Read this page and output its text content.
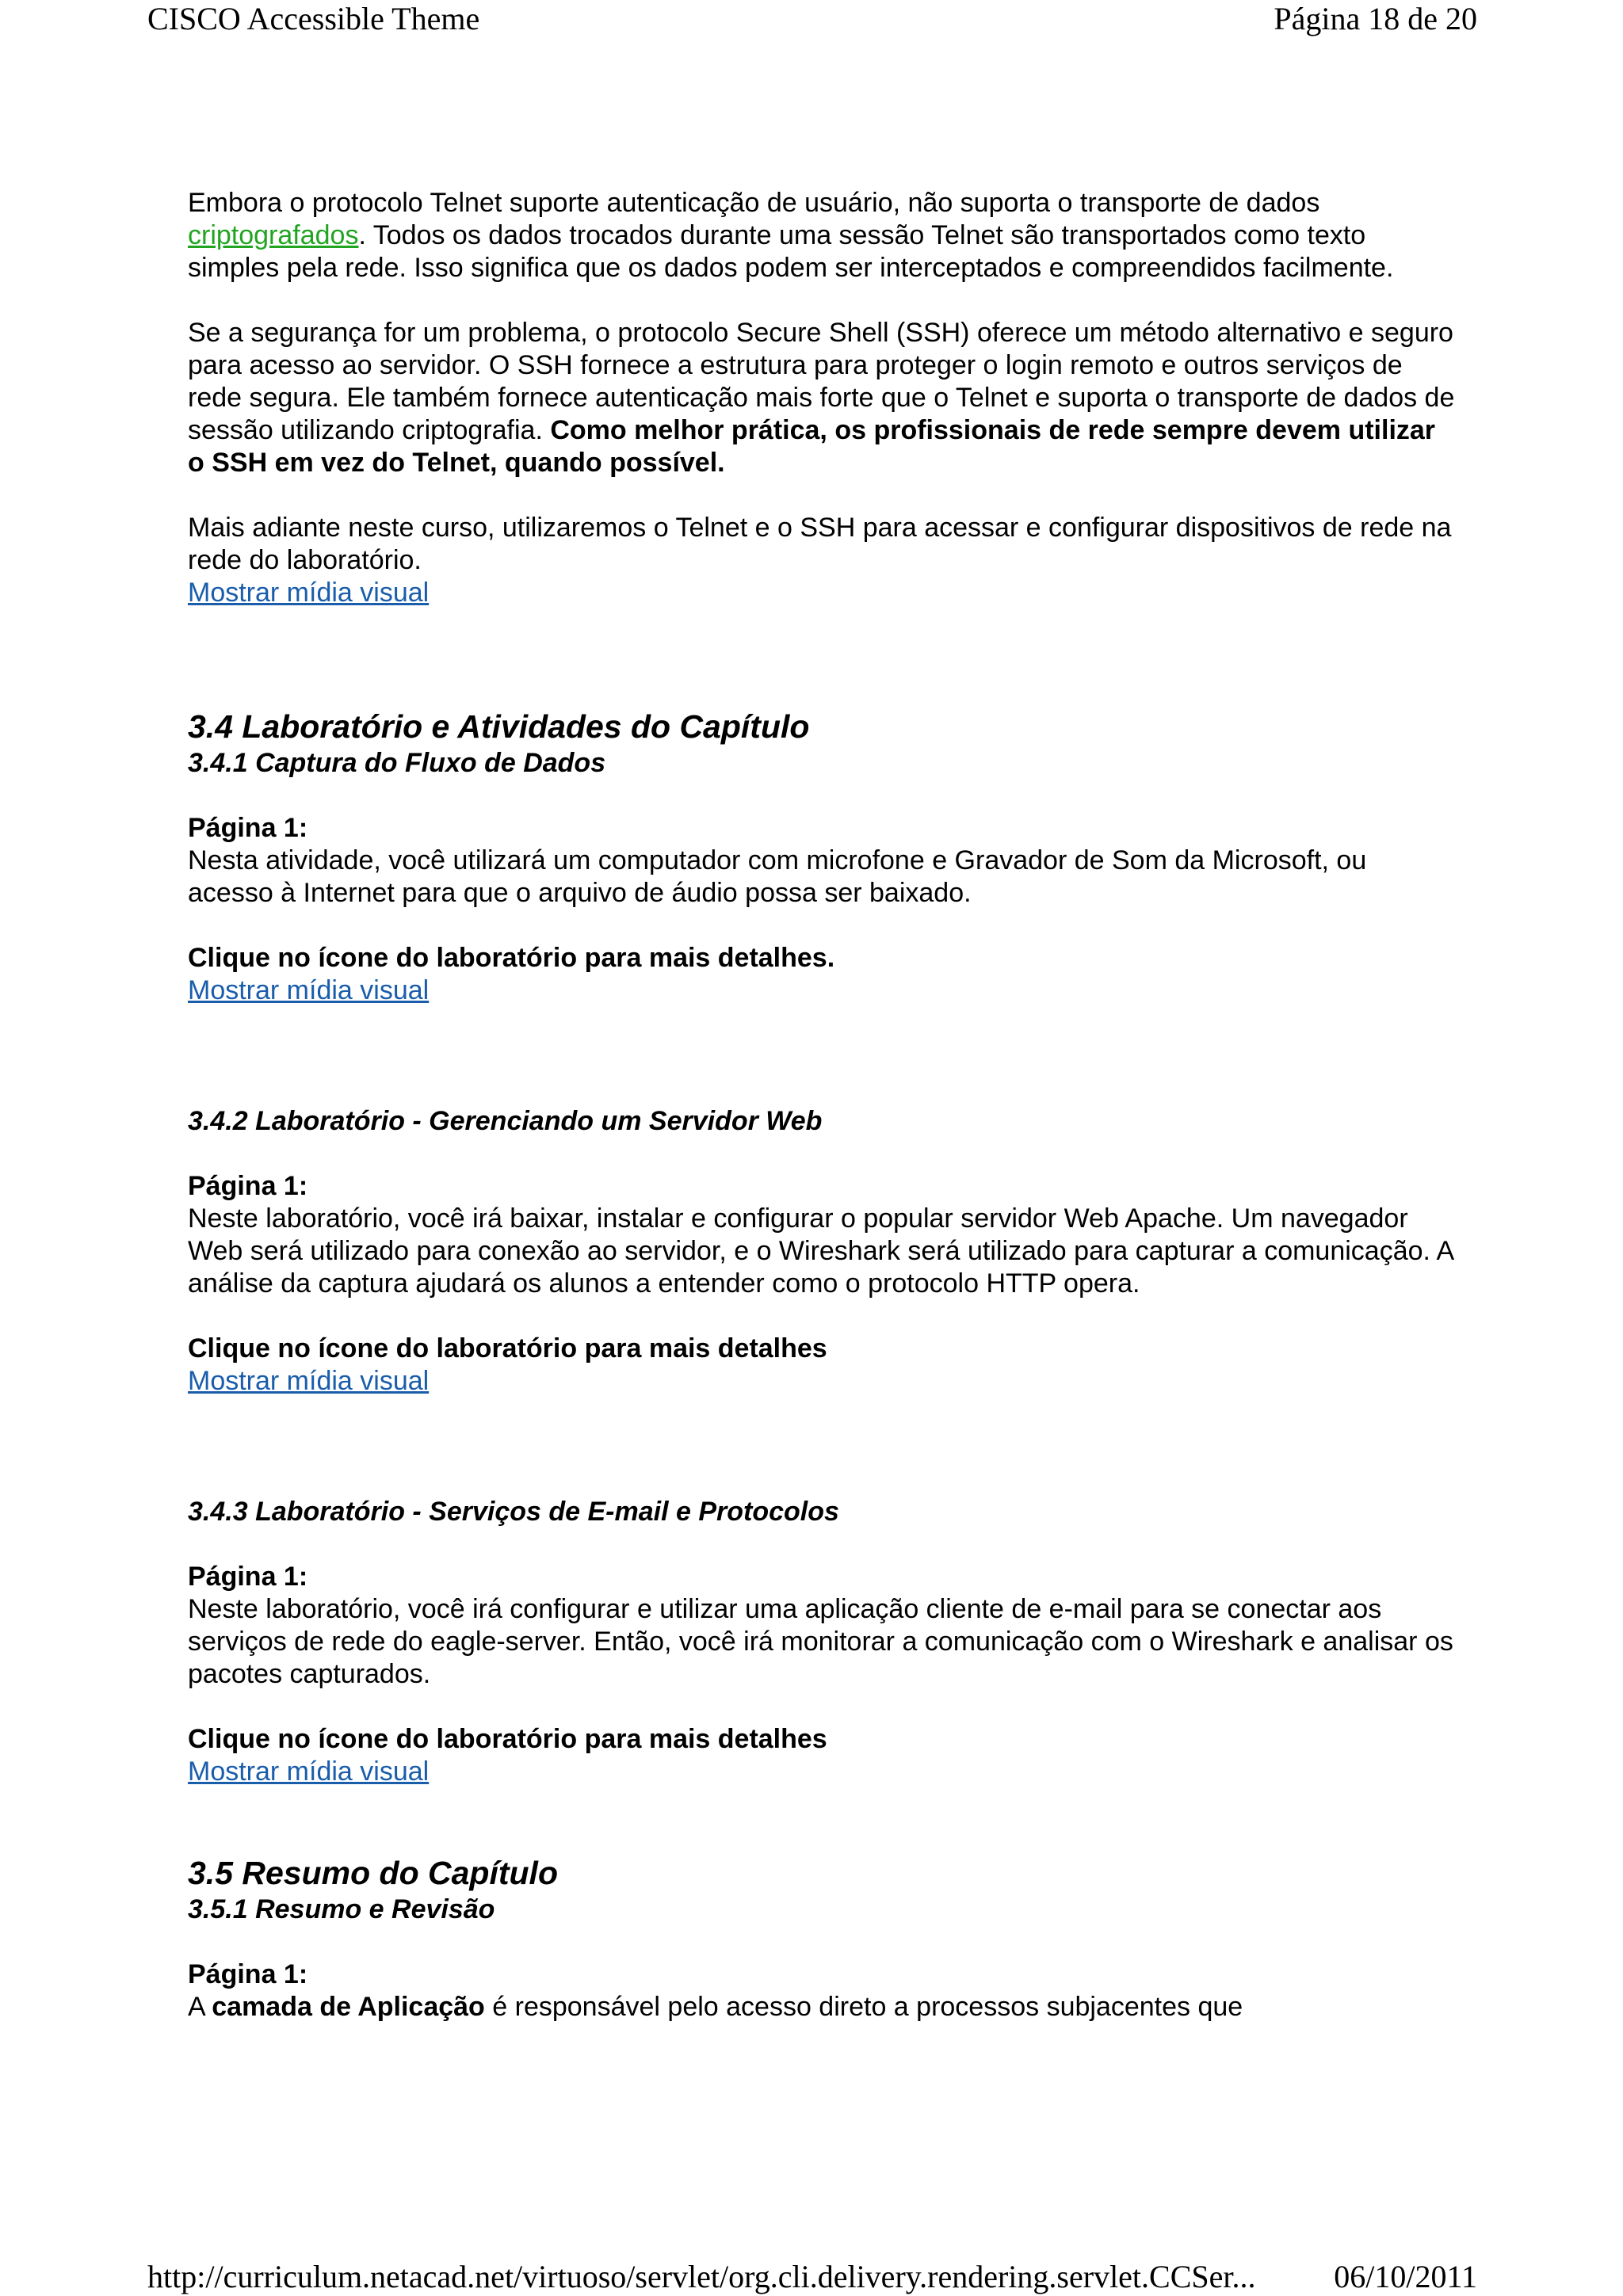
CISCO Accessible Theme	Página 18 de 20

Embora o protocolo Telnet suporte autenticação de usuário, não suporta o transporte de dados criptografados. Todos os dados trocados durante uma sessão Telnet são transportados como texto simples pela rede. Isso significa que os dados podem ser interceptados e compreendidos facilmente.

Se a segurança for um problema, o protocolo Secure Shell (SSH) oferece um método alternativo e seguro para acesso ao servidor. O SSH fornece a estrutura para proteger o login remoto e outros serviços de rede segura. Ele também fornece autenticação mais forte que o Telnet e suporta o transporte de dados de sessão utilizando criptografia. Como melhor prática, os profissionais de rede sempre devem utilizar o SSH em vez do Telnet, quando possível.

Mais adiante neste curso, utilizaremos o Telnet e o SSH para acessar e configurar dispositivos de rede na rede do laboratório.

Mostrar mídia visual
3.4 Laboratório e Atividades do Capítulo
3.4.1 Captura do Fluxo de Dados

Página 1:

Nesta atividade, você utilizará um computador com microfone e Gravador de Som da Microsoft, ou acesso à Internet para que o arquivo de áudio possa ser baixado.

Clique no ícone do laboratório para mais detalhes.

Mostrar mídia visual
3.4.2 Laboratório - Gerenciando um Servidor Web

Página 1:

Neste laboratório, você irá baixar, instalar e configurar o popular servidor Web Apache. Um navegador Web será utilizado para conexão ao servidor, e o Wireshark será utilizado para capturar a comunicação. A análise da captura ajudará os alunos a entender como o protocolo HTTP opera.

Clique no ícone do laboratório para mais detalhes

Mostrar mídia visual
3.4.3 Laboratório - Serviços de E-mail e Protocolos

Página 1:

Neste laboratório, você irá configurar e utilizar uma aplicação cliente de e-mail para se conectar aos serviços de rede do eagle-server. Então, você irá monitorar a comunicação com o Wireshark e analisar os pacotes capturados.

Clique no ícone do laboratório para mais detalhes

Mostrar mídia visual
3.5 Resumo do Capítulo
3.5.1 Resumo e Revisão

Página 1:

A camada de Aplicação é responsável pelo acesso direto a processos subjacentes que

http://curriculum.netacad.net/virtuoso/servlet/org.cli.delivery.rendering.servlet.CCSer... 06/10/2011
